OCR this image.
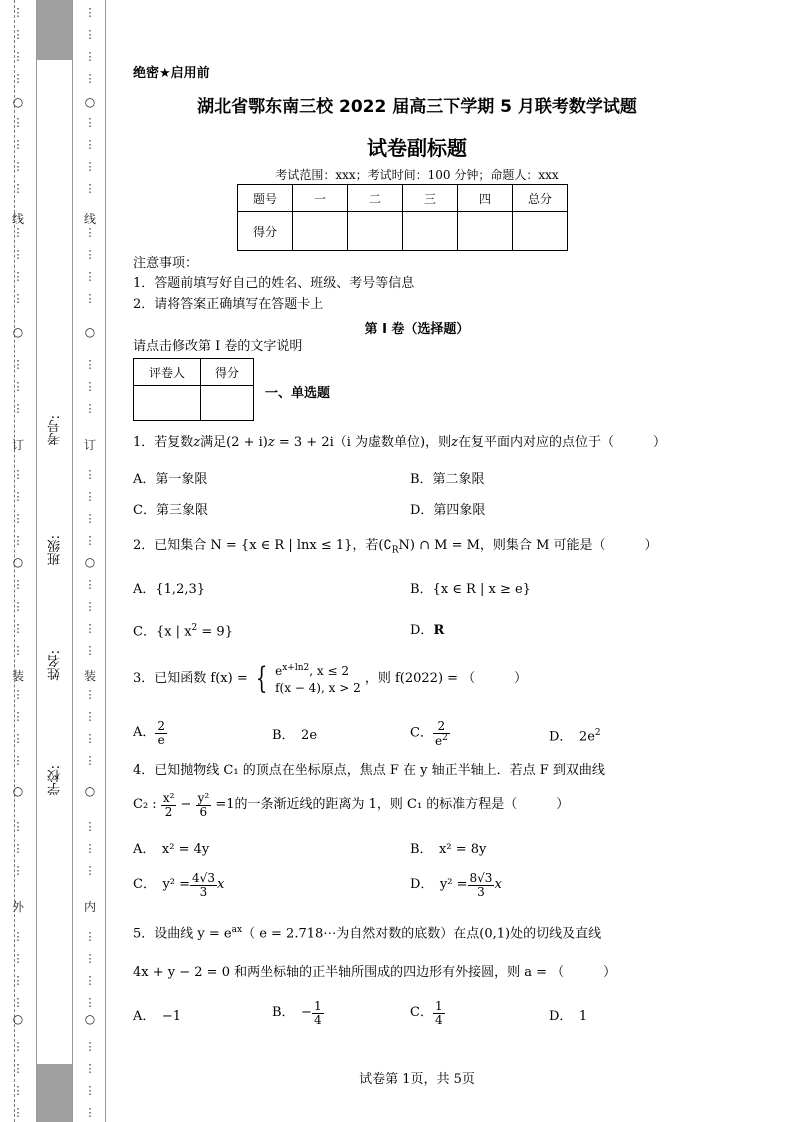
○
线
○
订
○
装
○
外
○
○
线
○
订
○
装
○
内
○
考号:
班级:
姓名:
学校:
⋮
⋮
⋮
⋮
⋮
⋮
⋮
⋮
⋮
⋮
⋮
⋮
⋮
⋮
⋮
⋮
⋮
⋮
⋮
⋮
⋮
⋮
⋮
⋮
⋮
⋮
⋮
⋮
⋮
⋮
⋮
⋮
⋮
⋮
⋮
⋮
⋮
⋮
⋮
⋮
⋮
⋮
⋮
⋮
⋮
⋮
⋮
⋮
⋮
⋮
⋮
⋮
⋮
⋮
⋮
⋮
⋮
⋮
⋮
⋮
⋮
⋮
⋮
⋮
⋮
⋮
⋮
⋮
⋮
⋮
⋮
⋮
⋮
⋮
⋮
⋮
绝密★启用前
湖北省鄂东南三校 2022 届高三下学期 5 月联考数学试题
试卷副标题
考试范围：xxx；考试时间：100 分钟；命题人：xxx
题号	一	二	三	四	总分
得分					
注意事项：
1．答题前填写好自己的姓名、班级、考号等信息
2．请将答案正确填写在答题卡上
第 I 卷（选择题）
请点击修改第 I 卷的文字说明
评卷人	得分

一、单选题
1．若复数z满足(2 + i)z = 3 + 2i（i 为虚数单位)，则z在复平面内对应的点位于（　　　）
A．第一象限	B．第二象限
C．第三象限	D．第四象限
2．已知集合 N = {x ∈ R | lnx ≤ 1}，若$(∁_RN)$ ∩ M = M，则集合 M 可能是（　　　）
A．{1,2,3}	B．{x ∈ R | x ≥ e}
C．{x | $x^2 = 9$}	D．R
3．已知函数 f(x) = { $e^{x+ln2}$, x ≤ 2
f(x − 4), x > 2
，则 f(2022) = （　　　）
A． $\frac{2}{e}$	B．　2e	C． $\frac{2}{e^2}$	D．　$2e^2$
4．已知抛物线 C₁ 的顶点在坐标原点，焦点 F 在 y 轴正半轴上．若点 F 到双曲线
C₂ : $\frac{\text{x²}}{2} - \frac{\text{y²}}{6} =1$的一条渐近线的距离为 1，则 C₁ 的标准方程是（　　　）
A．　x² = 4y	B．　x² = 8y
C．　$y^2 = \frac{4√3}{3}$ x	D．　$y^2 = \frac{8√3}{3}$ x
5．设曲线 $y = e^{ax}$（ e = 2.718⋯为自然对数的底数）在点(0,1)处的切线及直线
4x + y − 2 = 0 和两坐标轴的正半轴所围成的四边形有外接圆，则 a = （　　　）
A．　−1	B．　− $\frac{1}{4}$	C． $\frac{1}{4}$	D．　1
试卷第 1页，共 5页
